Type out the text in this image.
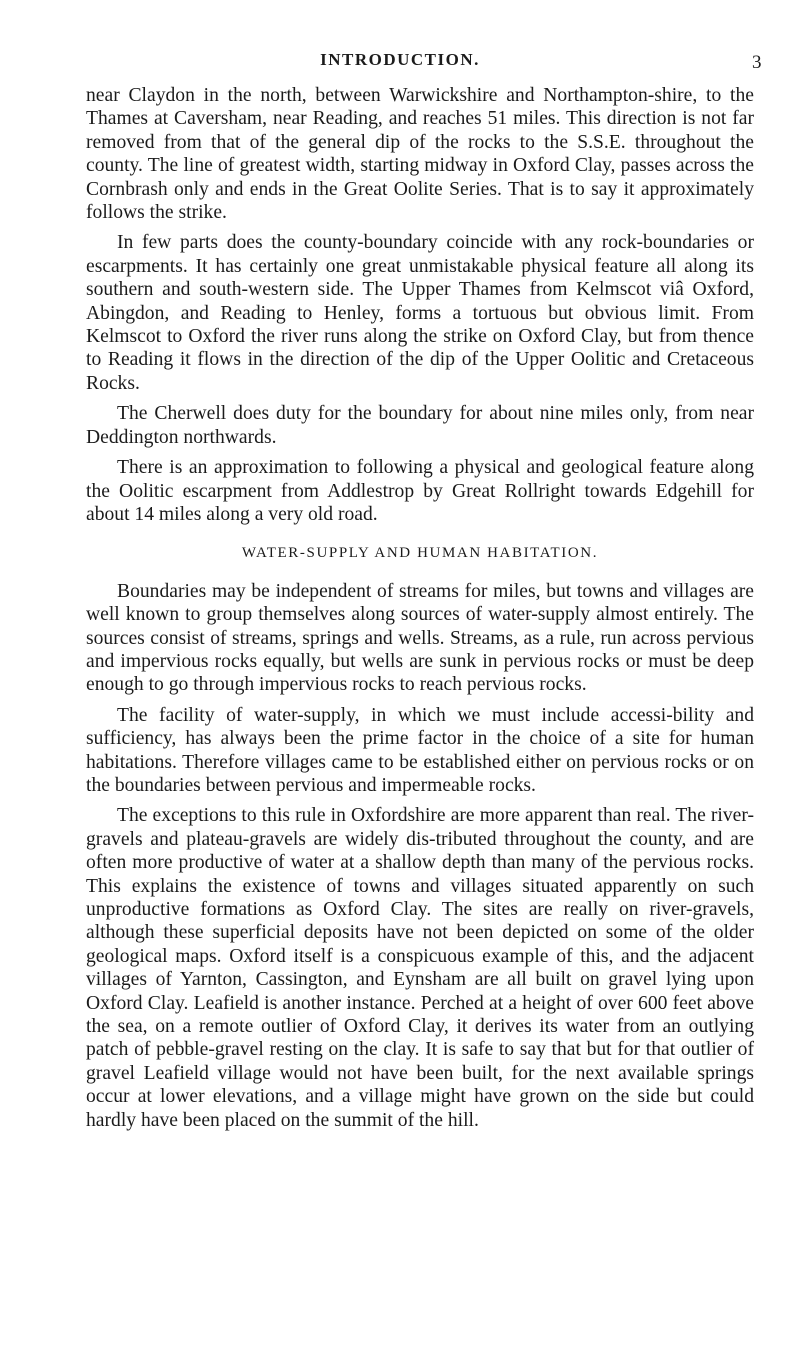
INTRODUCTION.	3

near Claydon in the north, between Warwickshire and Northampton-shire, to the Thames at Caversham, near Reading, and reaches 51 miles. This direction is not far removed from that of the general dip of the rocks to the S.S.E. throughout the county. The line of greatest width, starting midway in Oxford Clay, passes across the Cornbrash only and ends in the Great Oolite Series. That is to say it approximately follows the strike.

In few parts does the county-boundary coincide with any rock-boundaries or escarpments. It has certainly one great unmistakable physical feature all along its southern and south-western side. The Upper Thames from Kelmscot viâ Oxford, Abingdon, and Reading to Henley, forms a tortuous but obvious limit. From Kelmscot to Oxford the river runs along the strike on Oxford Clay, but from thence to Reading it flows in the direction of the dip of the Upper Oolitic and Cretaceous Rocks.

The Cherwell does duty for the boundary for about nine miles only, from near Deddington northwards.

There is an approximation to following a physical and geological feature along the Oolitic escarpment from Addlestrop by Great Rollright towards Edgehill for about 14 miles along a very old road.

WATER-SUPPLY AND HUMAN HABITATION.

Boundaries may be independent of streams for miles, but towns and villages are well known to group themselves along sources of water-supply almost entirely. The sources consist of streams, springs and wells. Streams, as a rule, run across pervious and impervious rocks equally, but wells are sunk in pervious rocks or must be deep enough to go through impervious rocks to reach pervious rocks.

The facility of water-supply, in which we must include accessi-bility and sufficiency, has always been the prime factor in the choice of a site for human habitations. Therefore villages came to be established either on pervious rocks or on the boundaries between pervious and impermeable rocks.

The exceptions to this rule in Oxfordshire are more apparent than real. The river-gravels and plateau-gravels are widely dis-tributed throughout the county, and are often more productive of water at a shallow depth than many of the pervious rocks. This explains the existence of towns and villages situated apparently on such unproductive formations as Oxford Clay. The sites are really on river-gravels, although these superficial deposits have not been depicted on some of the older geological maps. Oxford itself is a conspicuous example of this, and the adjacent villages of Yarnton, Cassington, and Eynsham are all built on gravel lying upon Oxford Clay. Leafield is another instance. Perched at a height of over 600 feet above the sea, on a remote outlier of Oxford Clay, it derives its water from an outlying patch of pebble-gravel resting on the clay. It is safe to say that but for that outlier of gravel Leafield village would not have been built, for the next available springs occur at lower elevations, and a village might have grown on the side but could hardly have been placed on the summit of the hill.
